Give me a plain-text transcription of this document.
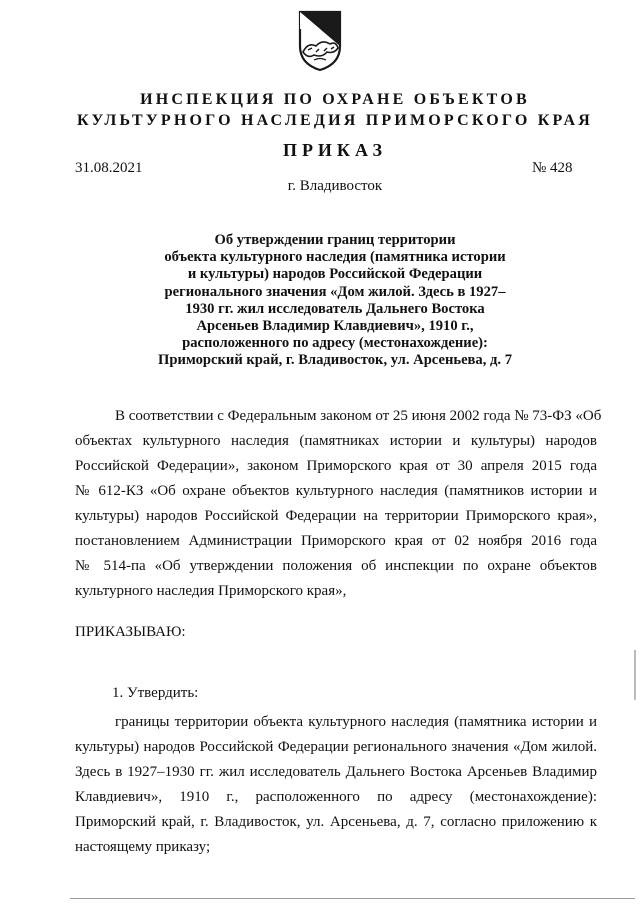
ИНСПЕКЦИЯ ПО ОХРАНЕ ОБЪЕКТОВ
КУЛЬТУРНОГО НАСЛЕДИЯ ПРИМОРСКОГО КРАЯ
ПРИКАЗ
31.08.2021	№ 428
г. Владивосток
Об утверждении границ территории
объекта культурного наследия (памятника истории
и культуры) народов Российской Федерации
регионального значения «Дом жилой. Здесь в 1927–
1930 гг. жил исследователь Дальнего Востока
Арсеньев Владимир Клавдиевич», 1910 г.,
расположенного по адресу (местонахождение):
Приморский край, г. Владивосток, ул. Арсеньева, д. 7
В соответствии с Федеральным законом от 25 июня 2002 года № 73-ФЗ «Об
объектах культурного наследия (памятниках истории и культуры) народов
Российской Федерации», законом Приморского края от 30 апреля 2015 года
№ 612-КЗ «Об охране объектов культурного наследия (памятников истории и
культуры) народов Российской Федерации на территории Приморского края»,
постановлением Администрации Приморского края от 02 ноября 2016 года
№ 514-па «Об утверждении положения об инспекции по охране объектов
культурного наследия Приморского края»,
ПРИКАЗЫВАЮ:
1. Утвердить:
границы территории объекта культурного наследия (памятника истории и
культуры) народов Российской Федерации регионального значения «Дом жилой.
Здесь в 1927–1930 гг. жил исследователь Дальнего Востока Арсеньев Владимир
Клавдиевич», 1910 г., расположенного по адресу (местонахождение):
Приморский край, г. Владивосток, ул. Арсеньева, д. 7, согласно приложению к
настоящему приказу;
